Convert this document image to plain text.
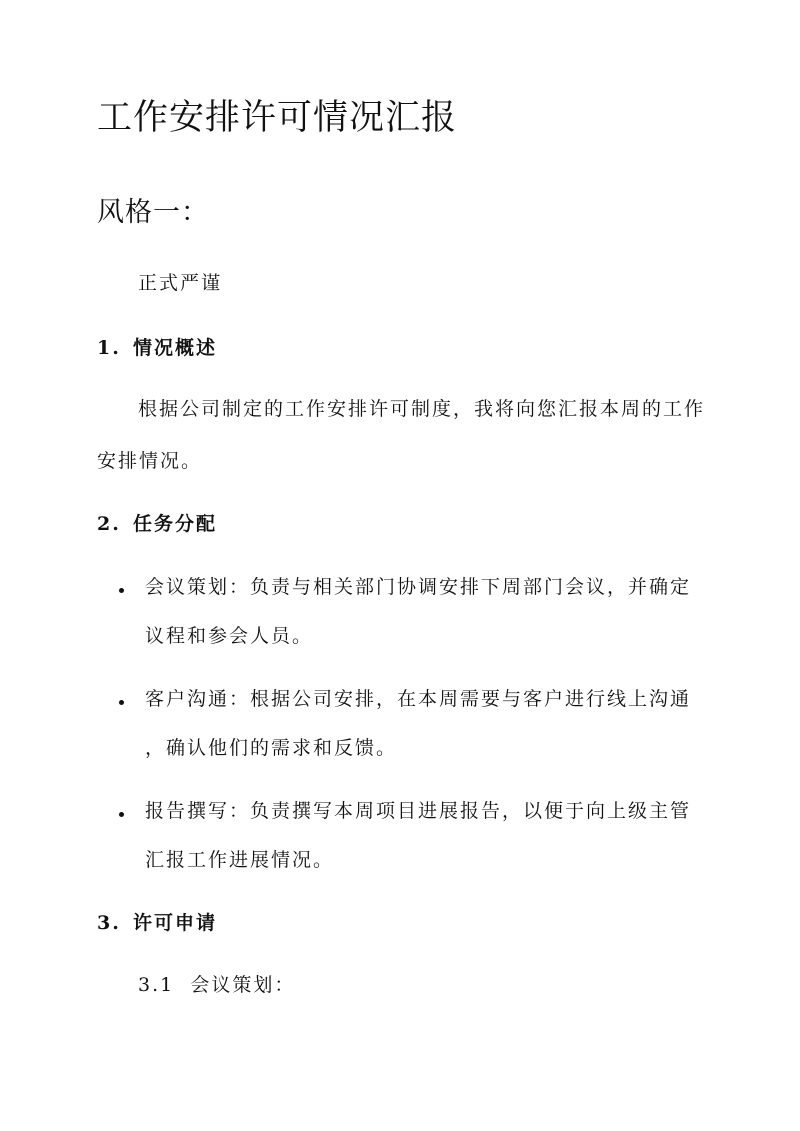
工作安排许可情况汇报
风格一：
正式严谨
1. 情况概述
根据公司制定的工作安排许可制度，我将向您汇报本周的工作
安排情况。
2. 任务分配
会议策划：负责与相关部门协调安排下周部门会议，并确定
议程和参会人员。
客户沟通：根据公司安排，在本周需要与客户进行线上沟通
，确认他们的需求和反馈。
报告撰写：负责撰写本周项目进展报告，以便于向上级主管
汇报工作进展情况。
3. 许可申请
3.1 会议策划：
